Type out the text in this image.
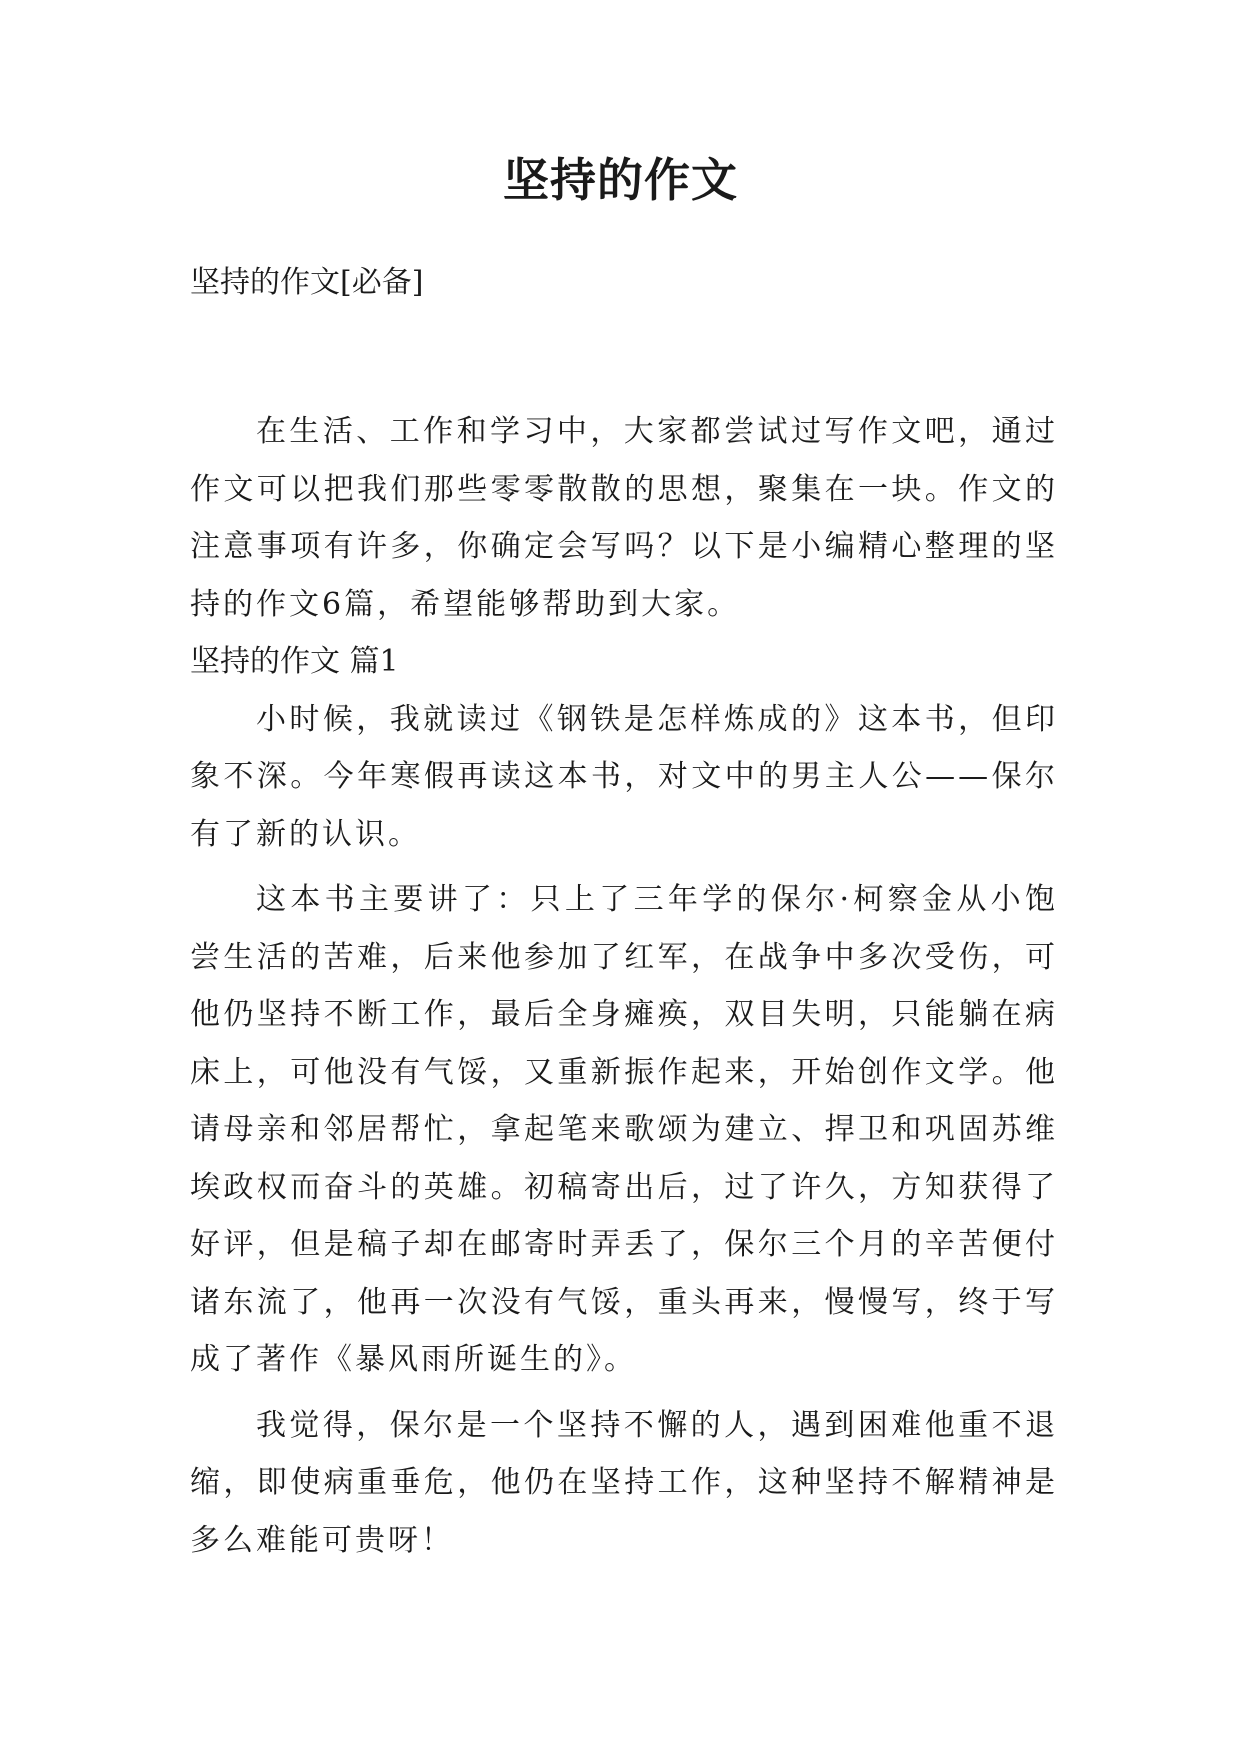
坚持的作文

坚持的作文[必备]

在生活、工作和学习中，大家都尝试过写作文吧，通过作文可以把我们那些零零散散的思想，聚集在一块。作文的注意事项有许多，你确定会写吗？以下是小编精心整理的坚持的作文6篇，希望能够帮助到大家。

坚持的作文 篇1

小时候，我就读过《钢铁是怎样炼成的》这本书，但印象不深。今年寒假再读这本书，对文中的男主人公——保尔有了新的认识。

这本书主要讲了：只上了三年学的保尔·柯察金从小饱尝生活的苦难，后来他参加了红军，在战争中多次受伤，可他仍坚持不断工作，最后全身瘫痪，双目失明，只能躺在病床上，可他没有气馁，又重新振作起来，开始创作文学。他请母亲和邻居帮忙，拿起笔来歌颂为建立、捍卫和巩固苏维埃政权而奋斗的英雄。初稿寄出后，过了许久，方知获得了好评，但是稿子却在邮寄时弄丢了，保尔三个月的辛苦便付诸东流了，他再一次没有气馁，重头再来，慢慢写，终于写成了著作《暴风雨所诞生的》。

我觉得，保尔是一个坚持不懈的人，遇到困难他重不退缩，即使病重垂危，他仍在坚持工作，这种坚持不解精神是多么难能可贵呀！
